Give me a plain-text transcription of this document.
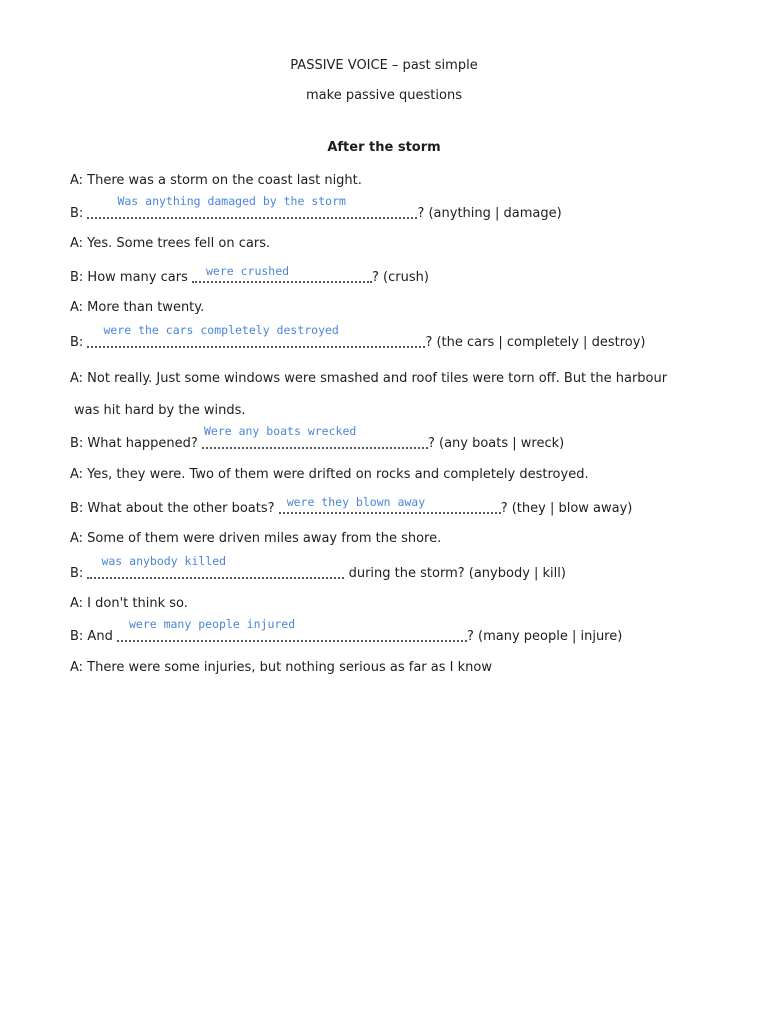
PASSIVE VOICE – past simple
make passive questions
After the storm
A: There was a storm on the coast last night.
B:
Was anything damaged by the storm
? (anything | damage)
A: Yes. Some trees fell on cars.
B: How many cars were crushed	? (crush)
A: More than twenty.
B:
were the cars completely destroyed
? (the cars | completely | destroy)
A: Not really. Just some windows were smashed and roof tiles were torn off. But the harbour
was hit hard by the winds.
B: What happened?
Were any boats wrecked
? (any boats | wreck)
A: Yes, they were. Two of them were drifted on rocks and completely destroyed.
B: What about the other boats? were they blown away	? (they | blow away)
A: Some of them were driven miles away from the shore.
B:
was anybody killed
during the storm? (anybody | kill)
A: I don't think so.
B: And
were many people injured
? (many people | injure)
A: There were some injuries, but nothing serious as far as I know
